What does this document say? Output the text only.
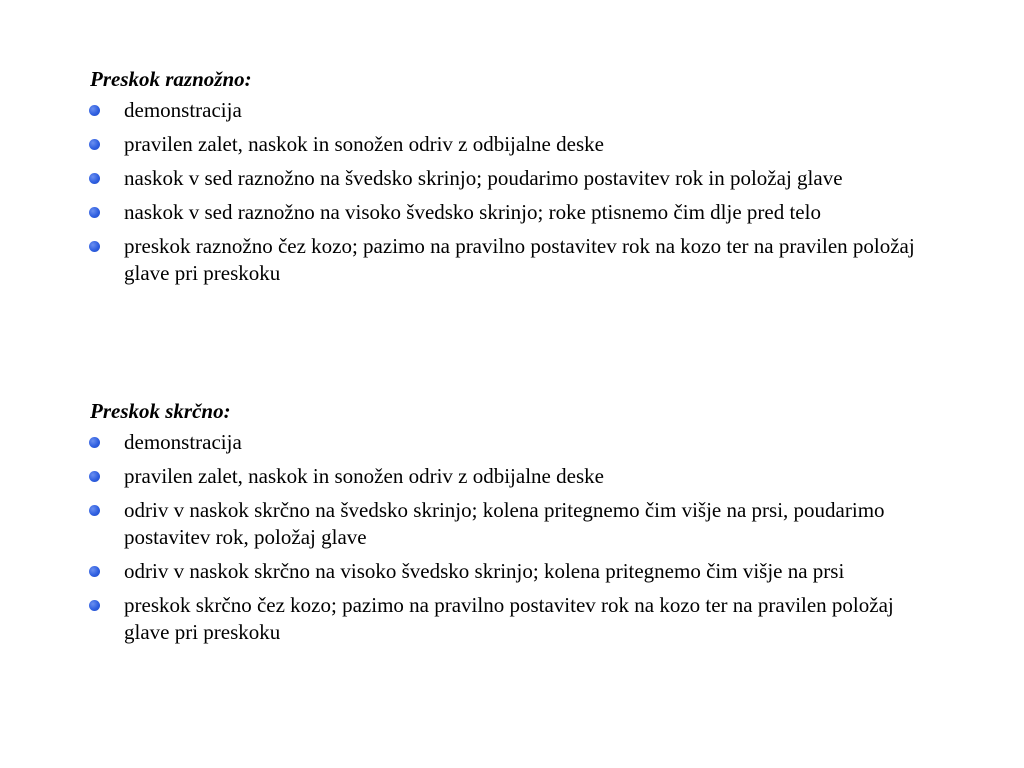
Preskok raznožno:
demonstracija
pravilen zalet, naskok in sonožen odriv z odbijalne deske
naskok v sed raznožno na švedsko skrinjo; poudarimo postavitev rok in položaj glave
naskok v sed raznožno na visoko švedsko skrinjo; roke ptisnemo čim dlje pred telo
preskok raznožno čez kozo; pazimo na pravilno postavitev rok na kozo ter na pravilen položaj glave pri preskoku
Preskok skrčno:
demonstracija
pravilen zalet, naskok in sonožen odriv z odbijalne deske
odriv v naskok skrčno na švedsko skrinjo; kolena pritegnemo čim višje na prsi, poudarimo postavitev rok, položaj glave
odriv v naskok skrčno na visoko švedsko skrinjo; kolena pritegnemo čim višje na prsi
preskok skrčno čez kozo; pazimo na pravilno postavitev rok na kozo ter na pravilen položaj glave pri preskoku
